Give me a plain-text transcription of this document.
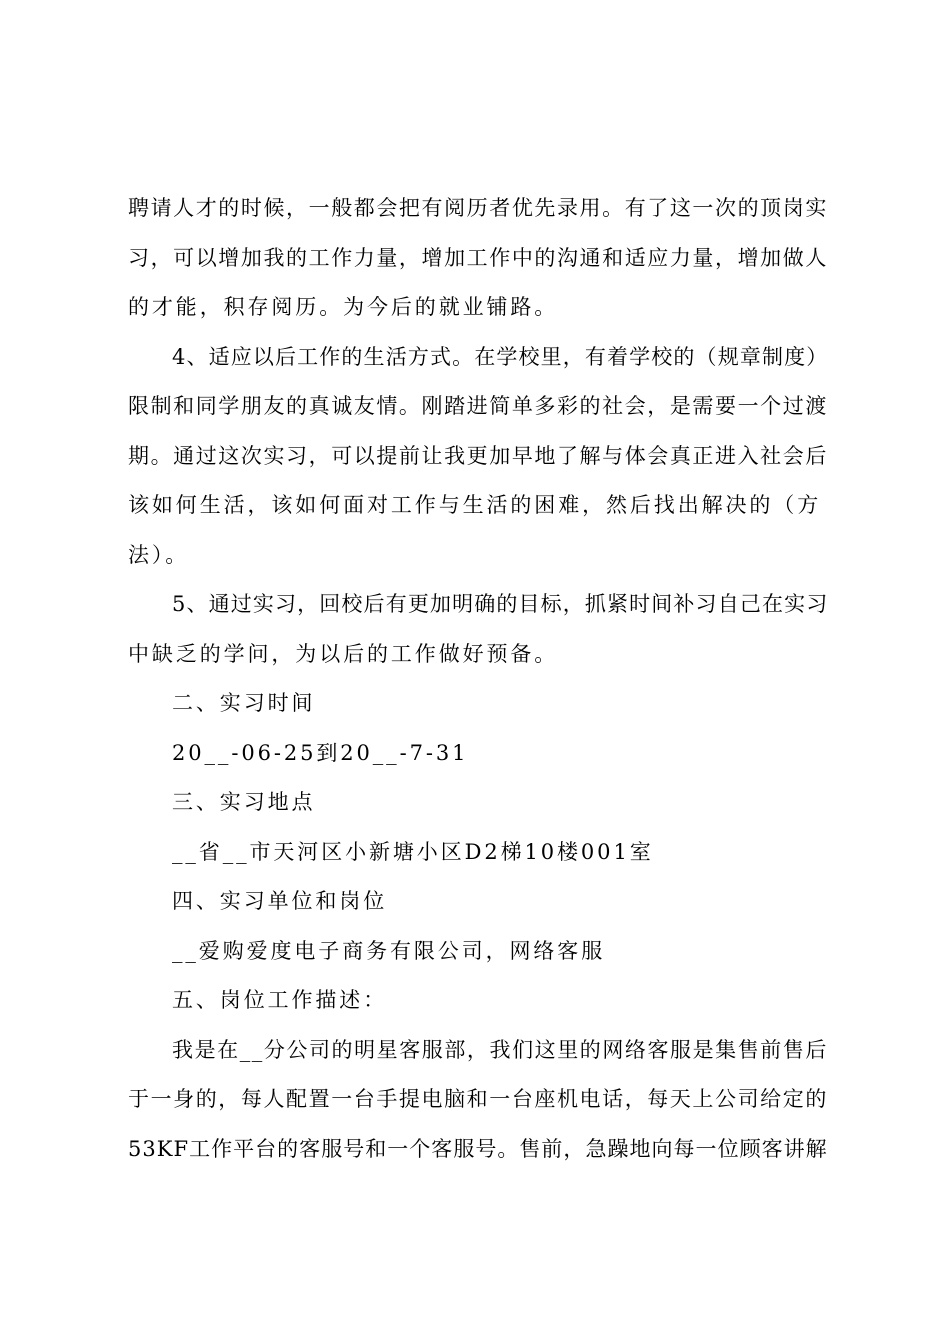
聘请人才的时候，一般都会把有阅历者优先录用。有了这一次的顶岗实

习，可以增加我的工作力量，增加工作中的沟通和适应力量，增加做人

的才能，积存阅历。为今后的就业铺路。

4、适应以后工作的生活方式。在学校里，有着学校的（规章制度）

限制和同学朋友的真诚友情。刚踏进简单多彩的社会，是需要一个过渡

期。通过这次实习，可以提前让我更加早地了解与体会真正进入社会后

该如何生活，该如何面对工作与生活的困难，然后找出解决的（方

法）。

5、通过实习，回校后有更加明确的目标，抓紧时间补习自己在实习

中缺乏的学问，为以后的工作做好预备。

二、实习时间

20__-06-25到20__-7-31

三、实习地点

__省__市天河区小新塘小区D2梯10楼001室

四、实习单位和岗位

__爱购爱度电子商务有限公司，网络客服

五、岗位工作描述：

我是在__分公司的明星客服部，我们这里的网络客服是集售前售后

于一身的，每人配置一台手提电脑和一台座机电话，每天上公司给定的

53KF工作平台的客服号和一个客服号。售前，急躁地向每一位顾客讲解
